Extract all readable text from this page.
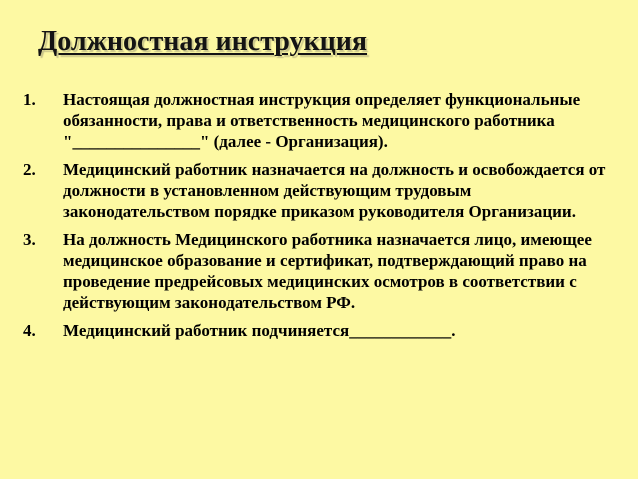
Должностная инструкция
1. Настоящая должностная инструкция определяет функциональные обязанности, права и ответственность медицинского работника "_______________" (далее - Организация).
2. Медицинский работник назначается на должность и освобождается от должности в установленном действующим трудовым законодательством порядке приказом руководителя Организации.
3. На должность Медицинского работника назначается лицо, имеющее медицинское образование и сертификат, подтверждающий право на проведение предрейсовых медицинских осмотров в соответствии с действующим законодательством РФ.
4. Медицинский работник подчиняется____________.
